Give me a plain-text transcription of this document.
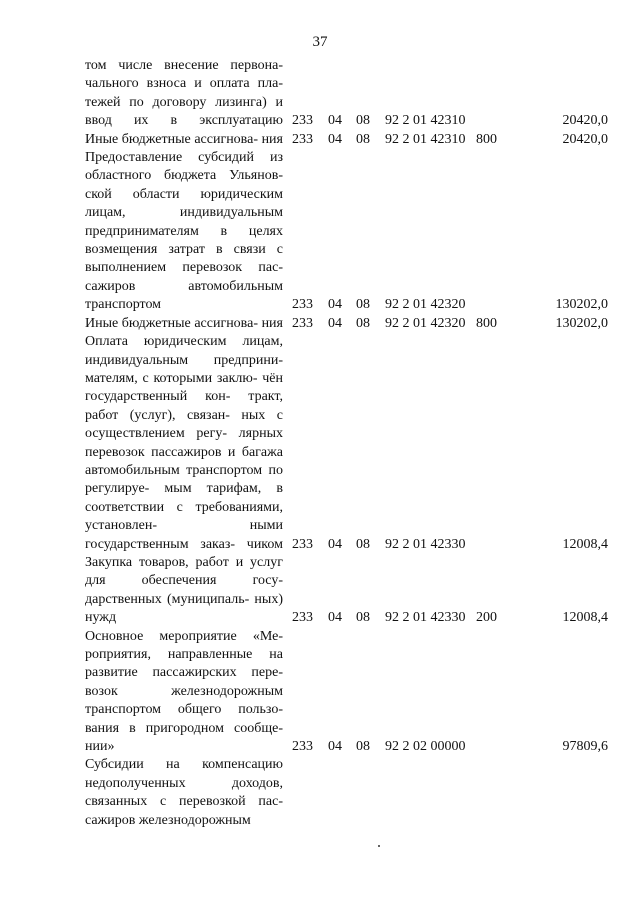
37
том числе внесение первона- чального взноса и оплата пла- тежей по договору лизинга) и ввод их в эксплуатацию 233 04 08 92 2 01 42310	20420,0
Иные бюджетные ассигнова- ния 233 04 08 92 2 01 42310 800	20420,0
Предоставление субсидий из областного бюджета Ульянов- ской области юридическим лицам, индивидуальным предпринимателям в целях возмещения затрат в связи с выполнением перевозок пас- сажиров автомобильным транспортом	233 04 08 92 2 01 42320	130202,0
Иные бюджетные ассигнова- ния 233 04 08 92 2 01 42320 800	130202,0
Оплата юридическим лицам, индивидуальным предприни- мателям, с которыми заклю- чён государственный кон- тракт, работ (услуг), связан- ных с осуществлением регу- лярных перевозок пассажиров и багажа автомобильным транспортом по регулируе- мым тарифам, в соответствии с требованиями, установлен- ными государственным заказ- чиком 233 04 08 92 2 01 42330	12008,4
Закупка товаров, работ и услуг для обеспечения госу- дарственных (муниципаль- ных) нужд	233 04 08 92 2 01 42330 200	12008,4
Основное мероприятие «Ме- роприятия, направленные на развитие пассажирских пере- возок железнодорожным транспортом общего пользо- вания в пригородном сообще- нии»	233 04 08 92 2 02 00000	97809,6
Субсидии на компенсацию недополученных доходов, связанных с перевозкой пас- сажиров железнодорожным
